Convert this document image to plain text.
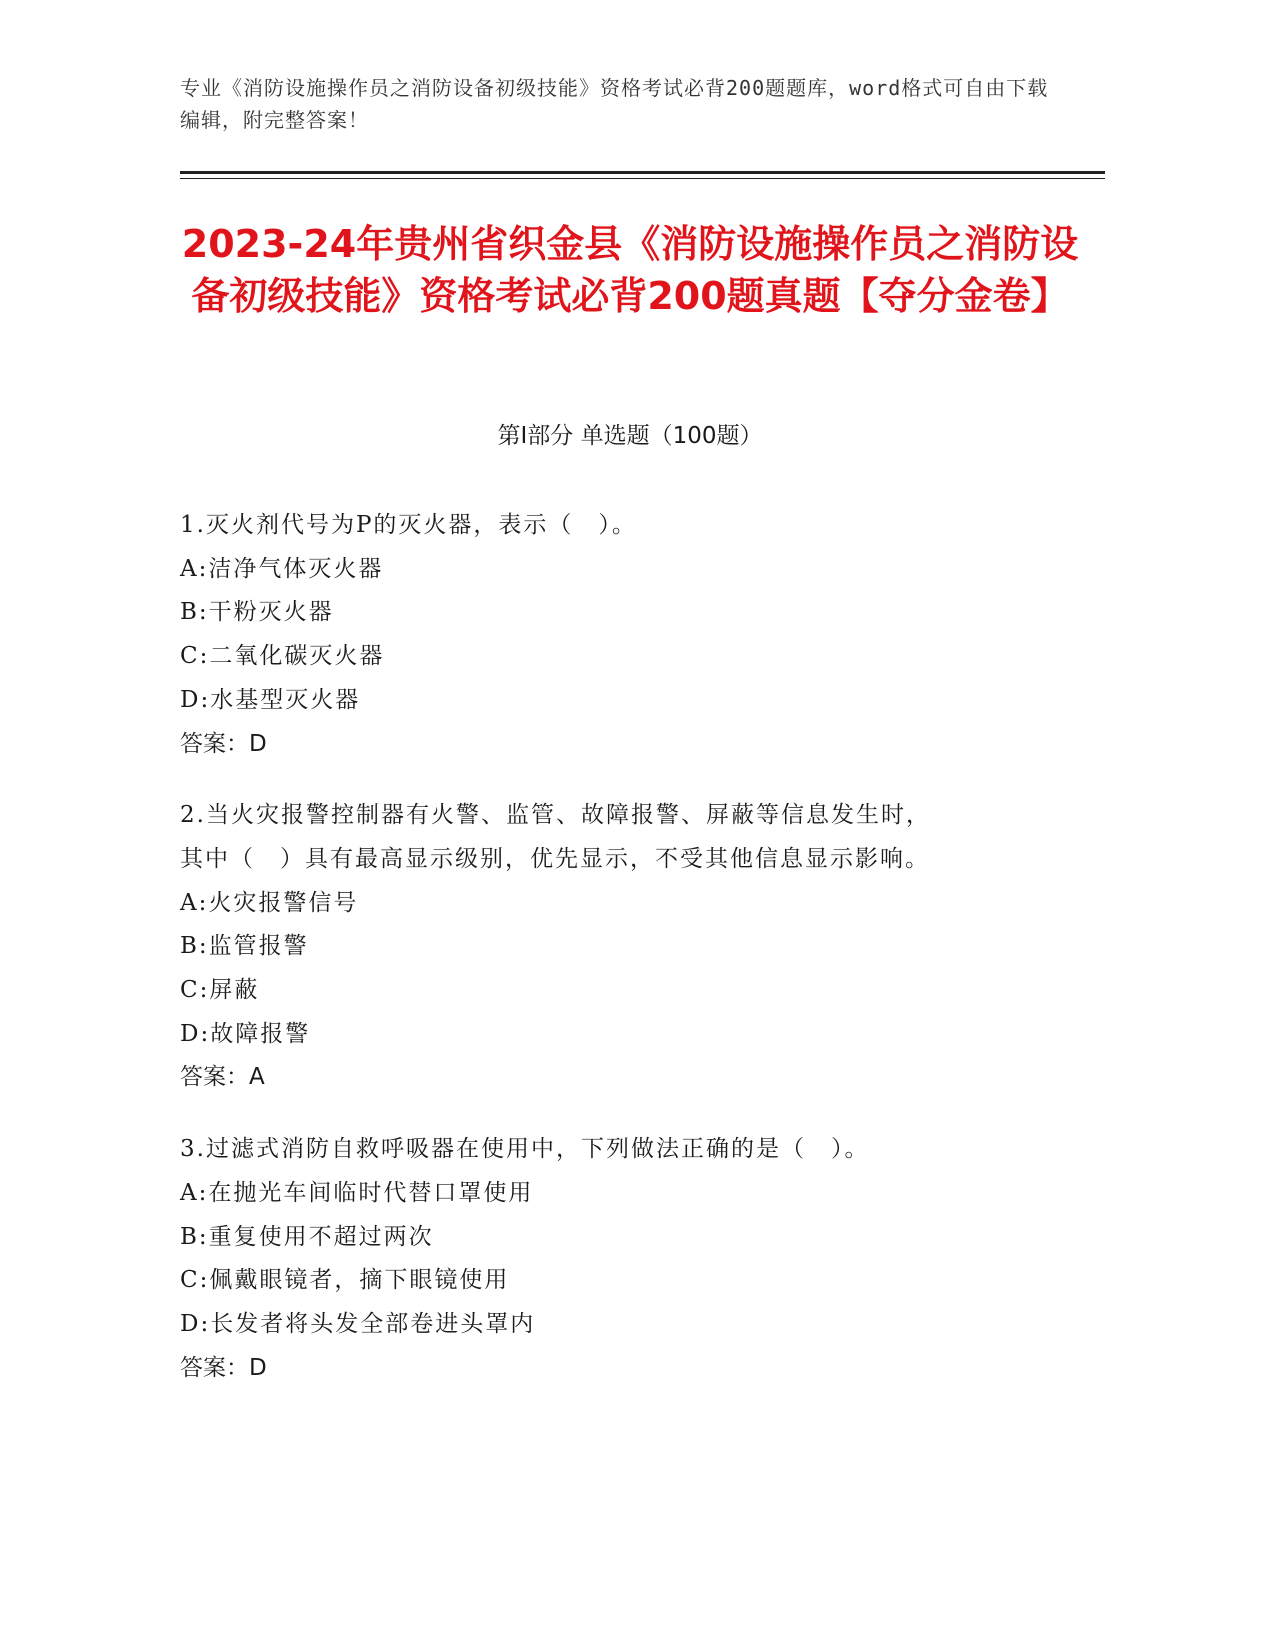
专业《消防设施操作员之消防设备初级技能》资格考试必背200题题库，word格式可自由下载编辑，附完整答案！
2023-24年贵州省织金县《消防设施操作员之消防设备初级技能》资格考试必背200题真题【夺分金卷】
第Ⅰ部分 单选题（100题）
1.灭火剂代号为P的灭火器，表示（　）。
A:洁净气体灭火器
B:干粉灭火器
C:二氧化碳灭火器
D:水基型灭火器
答案：D
2.当火灾报警控制器有火警、监管、故障报警、屏蔽等信息发生时，
其中（　）具有最高显示级别，优先显示，不受其他信息显示影响。
A:火灾报警信号
B:监管报警
C:屏蔽
D:故障报警
答案：A
3.过滤式消防自救呼吸器在使用中，下列做法正确的是（　）。
A:在抛光车间临时代替口罩使用
B:重复使用不超过两次
C:佩戴眼镜者，摘下眼镜使用
D:长发者将头发全部卷进头罩内
答案：D
